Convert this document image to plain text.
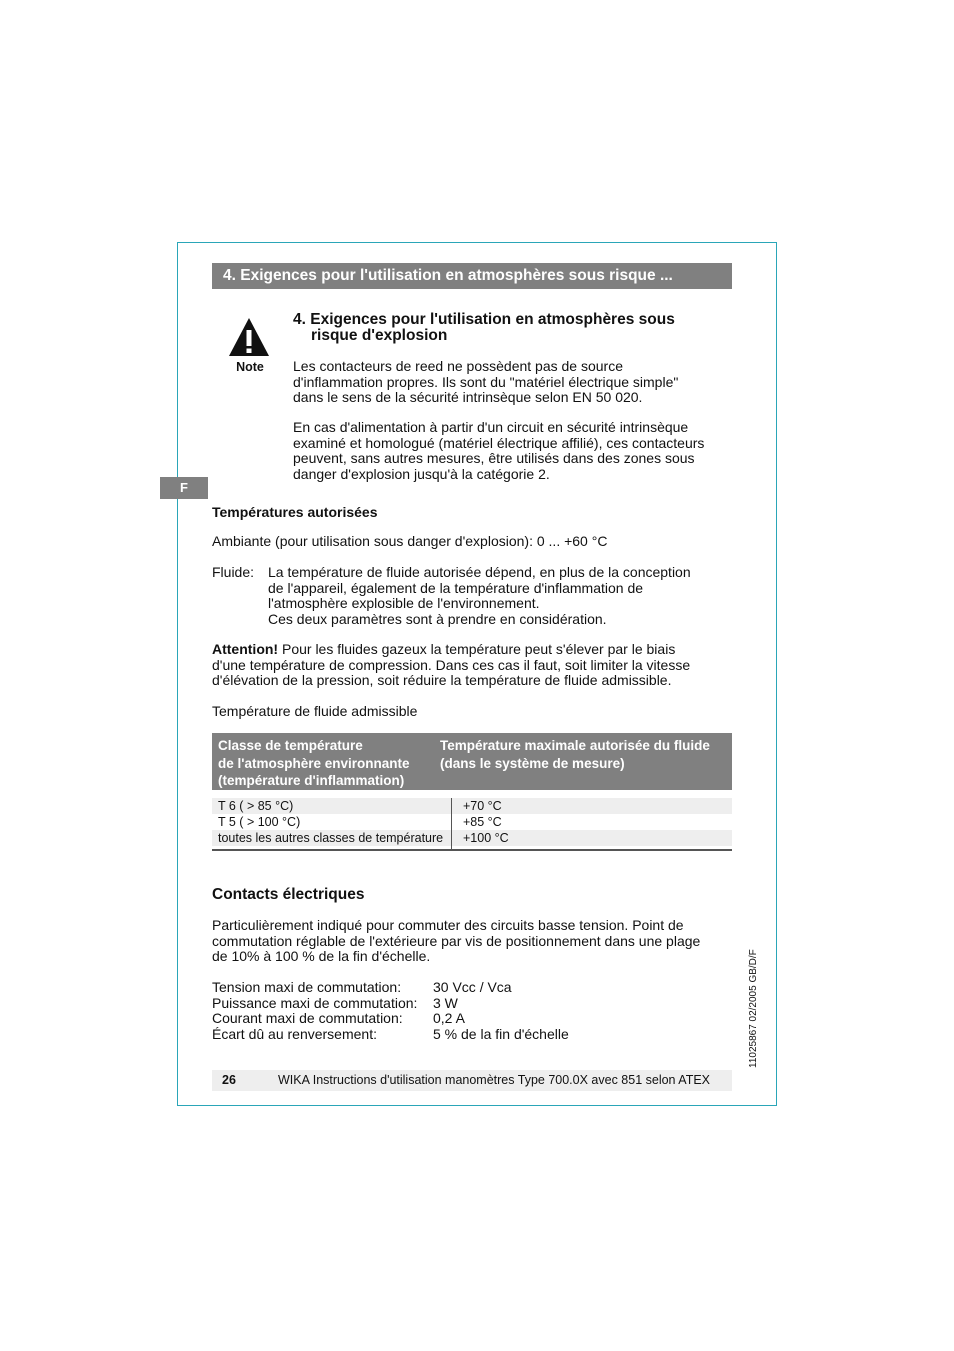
4. Exigences pour l'utilisation en atmosphères sous risque ...
F
Note
4. Exigences pour l'utilisation en atmosphères sous
risque d'explosion
Les contacteurs de reed ne possèdent pas de source
d'inflammation propres. Ils sont du "matériel électrique simple"
dans le sens de la sécurité intrinsèque selon EN 50 020.
En cas d'alimentation à partir d'un circuit en sécurité intrinsèque
examiné et homologué (matériel électrique affilié), ces contacteurs
peuvent, sans autres mesures, être utilisés dans des zones sous
danger d'explosion jusqu'à la catégorie 2.
Températures autorisées
Ambiante (pour utilisation sous danger d'explosion): 0 ... +60 °C
Fluide: La température de fluide autorisée dépend, en plus de la conception
de l'appareil, également de la température d'inflammation de
l'atmosphère explosible de l'environnement.
Ces deux paramètres sont à prendre en considération.
Attention! Pour les fluides gazeux la température peut s'élever par le biais
d'une température de compression. Dans ces cas il faut, soit limiter la vitesse
d'élévation de la pression, soit réduire la température de fluide admissible.
Température de fluide admissible
Classe de température
de l'atmosphère environnante
(température d'inflammation)
Température maximale autorisée du fluide
(dans le système de mesure)
T 6 ( > 85 °C)	+70 °C
T 5 ( > 100 °C)	+85 °C
toutes les autres classes de température +100 °C
Contacts électriques
Particulièrement indiqué pour commuter des circuits basse tension. Point de
commutation réglable de l'extérieure par vis de positionnement dans une plage
de 10% à 100 % de la fin d'échelle.
Tension maxi de commutation: 30 Vcc / Vca
Puissance maxi de commutation: 3 W
Courant maxi de commutation: 0,2 A
Écart dû au renversement:	5 % de la fin d'échelle	11025867 02/2005 GB/D/F
26	WIKA Instructions d'utilisation manomètres Type 700.0X avec 851 selon ATEX
